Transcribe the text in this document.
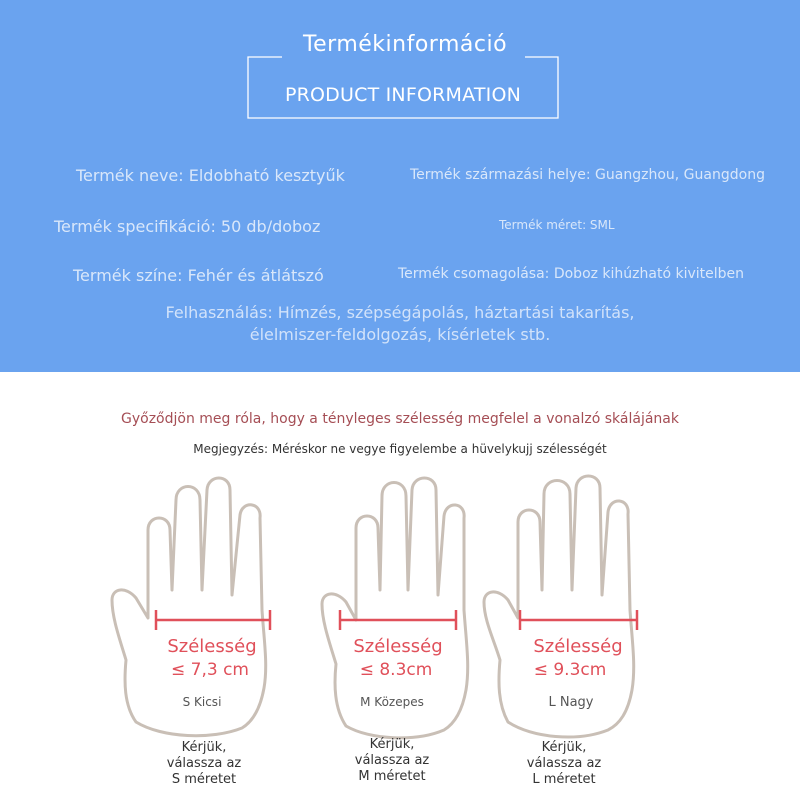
Termékinformáció
PRODUCT INFORMATION
Termék neve: Eldobható kesztyűk	Termék származási helye: Guangzhou, Guangdong
Termék specifikáció: 50 db/doboz	Termék méret: SML
Termék színe: Fehér és átlátszó	Termék csomagolása: Doboz kihúzható kivitelben
Felhasználás: Hímzés, szépségápolás, háztartási takarítás,
élelmiszer-feldolgozás, kísérletek stb.
Győződjön meg róla, hogy a tényleges szélesség megfelel a vonalzó skálájának
Megjegyzés: Méréskor ne vegye figyelembe a hüvelykujj szélességét
Szélesség
≤ 7,3 cm
S Kicsi
Kérjük,
válassza az
S méretet
Szélesség
≤ 8.3cm
M Közepes
Kérjük,
válassza az
M méretet
Szélesség
≤ 9.3cm
L Nagy
Kérjük,
válassza az
L méretet
